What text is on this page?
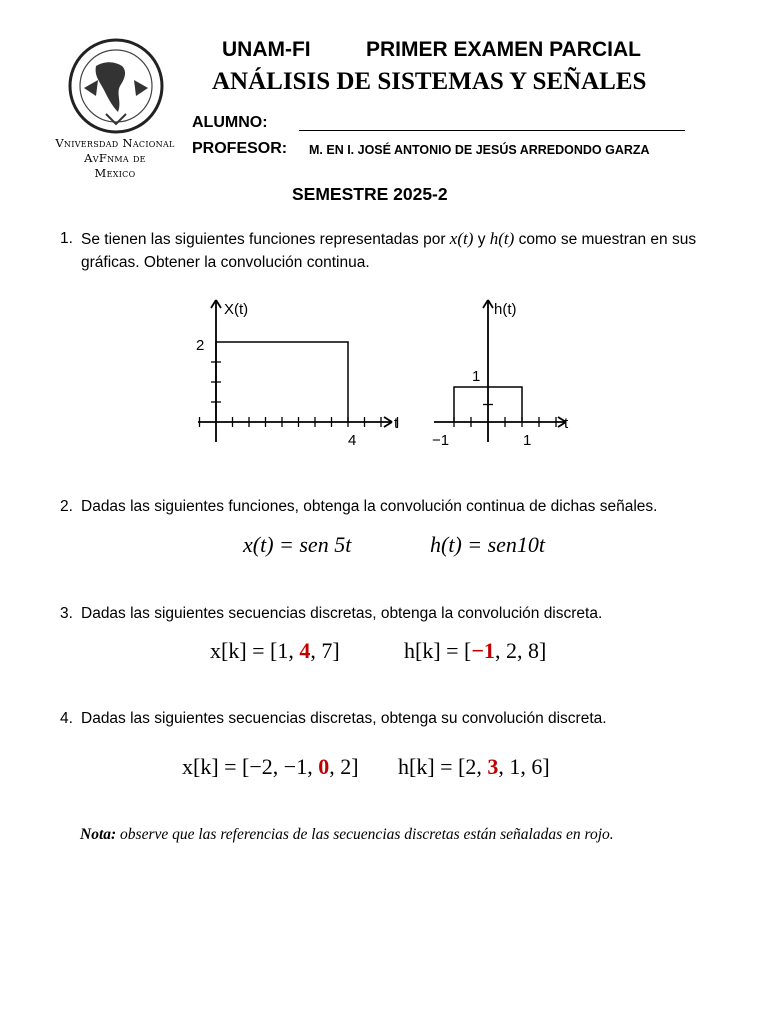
Vniversdad Nacional
AvFnma de
Mexico
UNAM-FI	PRIMER EXAMEN PARCIAL
ANÁLISIS DE SISTEMAS Y SEÑALES
ALUMNO:
PROFESOR: M. EN I. JOSÉ ANTONIO DE JESÚS ARREDONDO GARZA
SEMESTRE 2025-2
1. Se tienen las siguientes funciones representadas por x(t) y h(t) como se muestran en sus gráficas. Obtener la convolución continua.
X(t)
2
4
t
h(t)
1
−1	1
t
2. Dadas las siguientes funciones, obtenga la convolución continua de dichas señales.
x(t) = sen 5t	h(t) = sen10t
3. Dadas las siguientes secuencias discretas, obtenga la convolución discreta.
x[k] = [1, 4, 7]	h[k] = [−1, 2, 8]
4. Dadas las siguientes secuencias discretas, obtenga su convolución discreta.
x[k] = [−2, −1, 0, 2] h[k] = [2, 3, 1, 6]
Nota: observe que las referencias de las secuencias discretas están señaladas en rojo.
